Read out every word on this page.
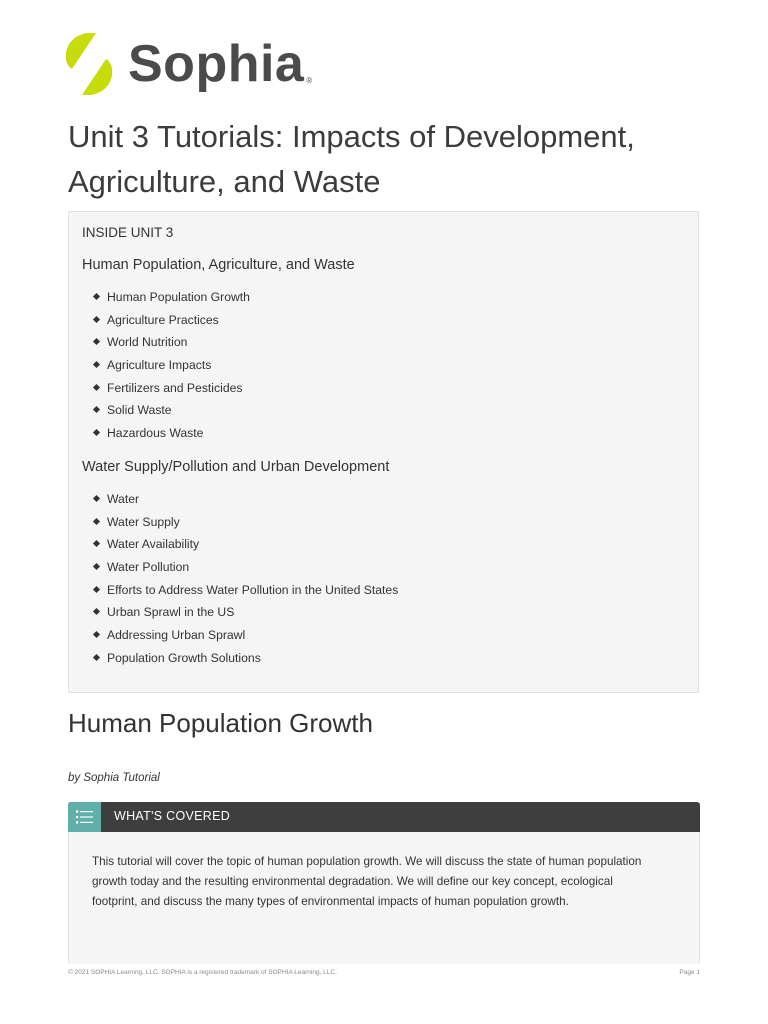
Sophia ®
Unit 3 Tutorials: Impacts of Development, Agriculture, and Waste
INSIDE UNIT 3
Human Population, Agriculture, and Waste
Human Population Growth
Agriculture Practices
World Nutrition
Agriculture Impacts
Fertilizers and Pesticides
Solid Waste
Hazardous Waste
Water Supply/Pollution and Urban Development
Water
Water Supply
Water Availability
Water Pollution
Efforts to Address Water Pollution in the United States
Urban Sprawl in the US
Addressing Urban Sprawl
Population Growth Solutions
Human Population Growth
by Sophia Tutorial
WHAT'S COVERED

This tutorial will cover the topic of human population growth. We will discuss the state of human population growth today and the resulting environmental degradation. We will define our key concept, ecological footprint, and discuss the many types of environmental impacts of human population growth.

© 2021 SOPHIA Learning, LLC. SOPHIA is a registered trademark of SOPHIA Learning, LLC.	Page 1
